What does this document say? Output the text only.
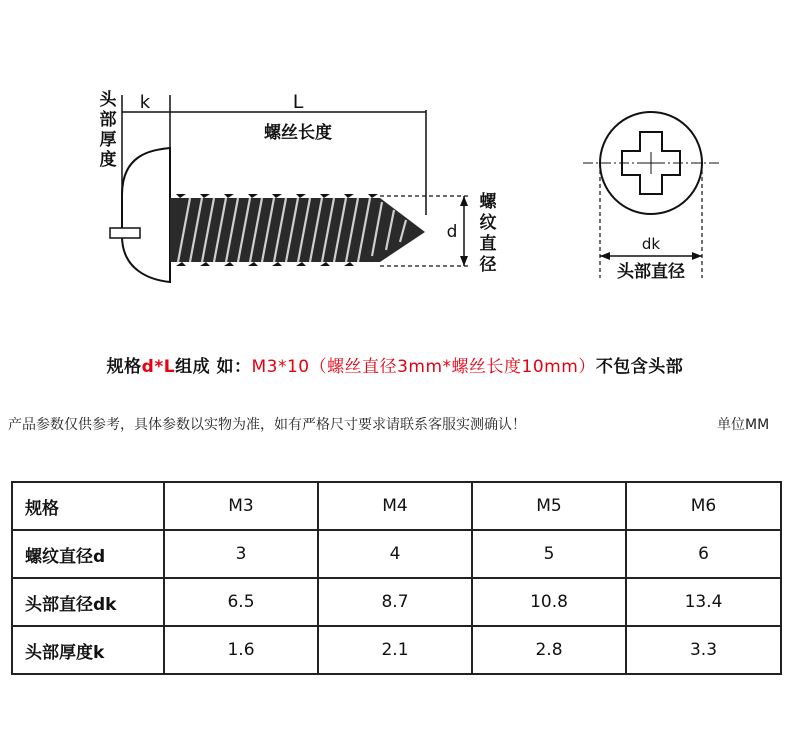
头
部
厚
度
k	L
螺丝长度
d
螺
纹
直
径
dk
头部直径
规格d*L组成 如：M3*10（螺丝直径3mm*螺丝长度10mm）不包含头部
产品参数仅供参考，具体参数以实物为准，如有严格尺寸要求请联系客服实测确认！	单位MM
规格	M3	M4	M5	M6
螺纹直径d	3	4	5	6
头部直径dk	6.5	8.7	10.8	13.4
头部厚度k	1.6	2.1	2.8	3.3
